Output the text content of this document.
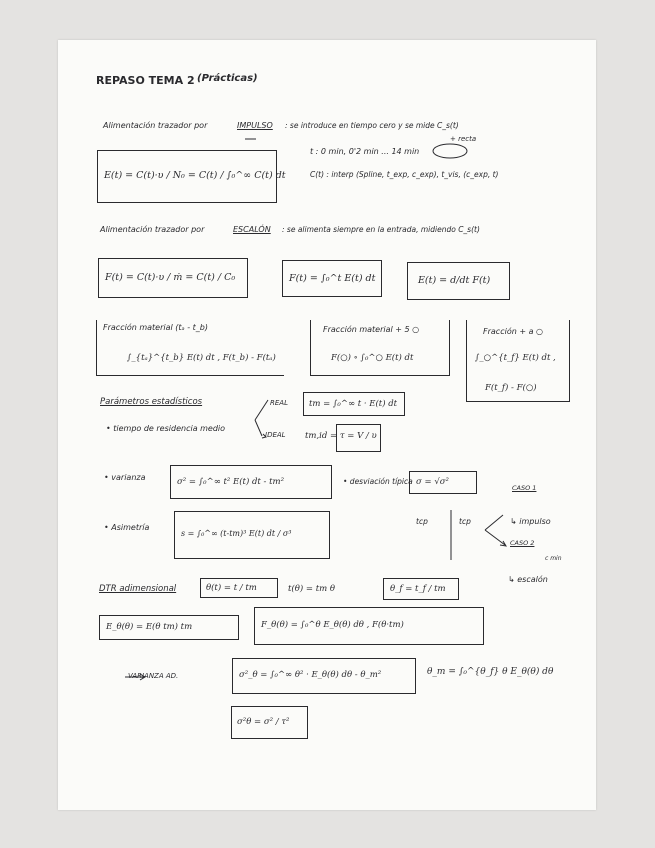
REPASO TEMA 2 (Prácticas)
Alimentación trazador por	IMPULSO : se introduce en tiempo cero y se mide C_s(t)
+ recta
E(t) = C(t)·υ / N₀ = C(t) / ∫₀^∞ C(t) dt
t : 0 min, 0'2 min ... 14 min
C(t) : interp (Spline, t_exp, c_exp), t_vis, (c_exp, t)
Alimentación trazador por	ESCALÓN : se alimenta siempre en la entrada, midiendo C_s(t)
F(t) = C(t)·υ / ṁ = C(t) / C₀	F(t) = ∫₀^t E(t) dt	E(t) = d/dt F(t)
Fracción material (tₐ - t_b)
∫_{tₐ}^{t_b} E(t) dt , F(t_b) - F(tₐ)
Fracción material + 5 ○
F(○) ∘ ∫₀^○ E(t) dt
Fracción + a ○
∫_○^{t_f} E(t) dt ,
F(t_f) - F(○)
Parámetros estadísticos
• tiempo de residencia medio
REAL tm = ∫₀^∞ t · E(t) dt
IDEAL tm,id = τ = V / υ
• varianza	σ² = ∫₀^∞ t² E(t) dt - tm²	• desviación típica σ = √σ²
• Asimetría
s = ∫₀^∞ (t-tm)³ E(t) dt / σ³
tcp	tcp
CASO 1
↳ impulso
CASO 2
c min
↳ escalón
DTR adimensional	θ(t) = t / tm	t(θ) = tm θ	θ_f = t_f / tm
E_θ(θ) = E(θ tm) tm	F_θ(θ) = ∫₀^θ E_θ(θ) dθ , F(θ·tm)
VARIANZA AD.	σ²_θ = ∫₀^∞ θ² · E_θ(θ) dθ - θ_m²	θ_m = ∫₀^{θ_f} θ E_θ(θ) dθ
σ²θ = σ² / τ²
